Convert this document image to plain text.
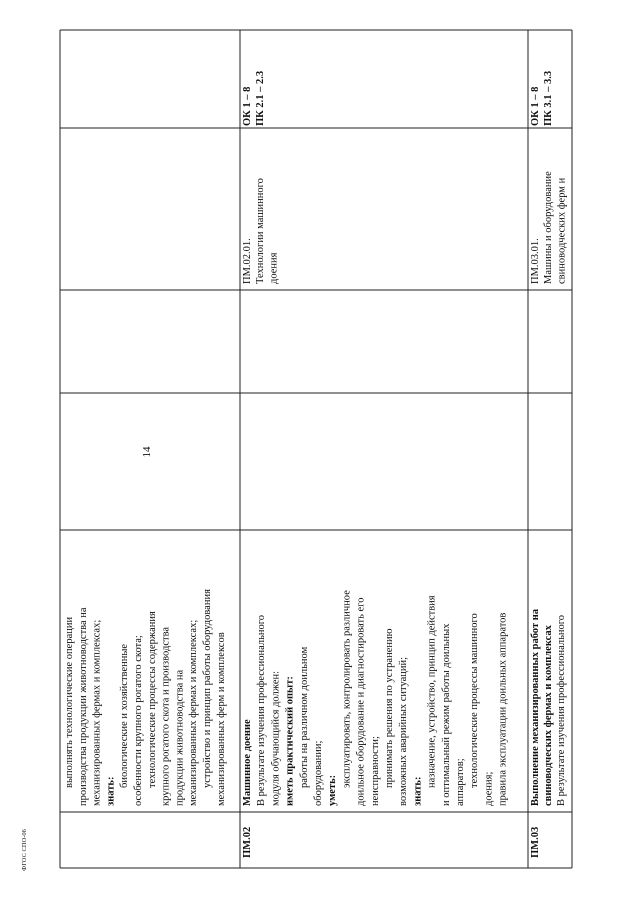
14
ФГОС СПО-06
выполнять технологические операции производства продукции животноводства на механизированных фермах и комплексах; знать:
биологические и хозяйственные особенности крупного рогатого скота; технологические процессы содержания крупного рогатого скота и производства продукции животноводства на механизированных фермах и комплексах; устройство и принцип работы оборудования механизированных ферм и комплексов
ПМ.02
Машинное доение В результате изучения профессионального модуля обучающийся должен: иметь практический опыт: работы на различном доильном оборудовании; уметь:
эксплуатировать, контролировать различное доильное оборудование и диагностировать его неисправности; принимать решения по устранению возможных аварийных ситуаций; знать:
назначение, устройство, принцип действия и оптимальный режим работы доильных аппаратов; технологические процессы машинного
доения; правила эксплуатации доильных аппаратов
ПМ.02.01. Технологии машинного доения
ОК 1 – 8 ПК 2.1 – 2.3
ПМ.03
Выполнение механизированных работ на свиноводческих фермах и комплексах В результате изучения профессионального
ПМ.03.01. Машины и оборудование свиноводческих ферм и
ОК 1 – 8 ПК 3.1 – 3.3
